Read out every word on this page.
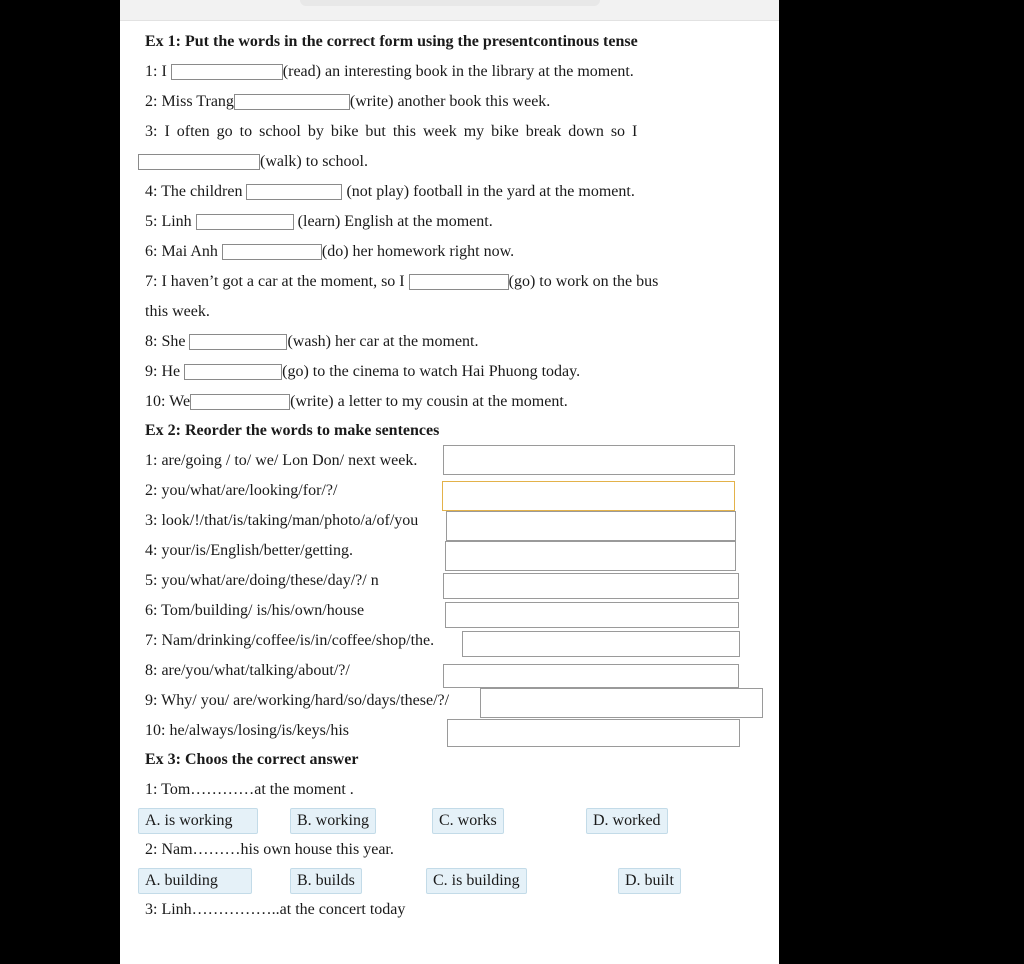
Ex 1: Put the words in the correct form using the presentcontinous tense
1: I	(read) an interesting book in the library at the moment.
2: Miss Trang	(write) another book this week.
3: I often go to school by bike but this week my bike break down so I
(walk) to school.
4: The children	(not play) football in the yard at the moment.
5: Linh	(learn) English at the moment.
6: Mai Anh	(do) her homework right now.
7: I haven’t got a car at the moment, so I	(go) to work on the bus
this week.
8: She	(wash) her car at the moment.
9: He	(go) to the cinema to watch Hai Phuong today.
10: We	(write) a letter to my cousin at the moment.
Ex 2: Reorder the words to make sentences
1: are/going / to/ we/ Lon Don/ next week.
2: you/what/are/looking/for/?/
3: look/!/that/is/taking/man/photo/a/of/you
4: your/is/English/better/getting.
5: you/what/are/doing/these/day/?/ n
6: Tom/building/ is/his/own/house
7: Nam/drinking/coffee/is/in/coffee/shop/the.
8: are/you/what/talking/about/?/
9: Why/ you/ are/working/hard/so/days/these/?/
10: he/always/losing/is/keys/his
Ex 3: Choos the correct answer
1: Tom…………at the moment .
A. is working	B. working	C. works	D. worked
2: Nam………his own house this year.
A. building	B. builds	C. is building	D. built
3: Linh……………..at the concert today
